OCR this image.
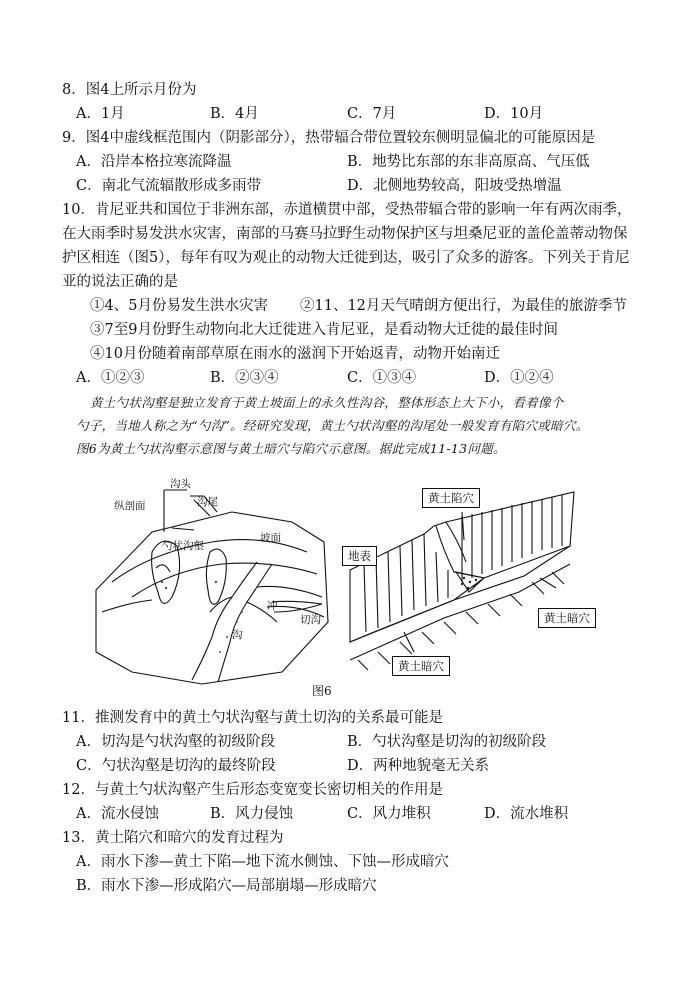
8．图4上所示月份为
A．1月	B．4月	C．7月	D．10月
9．图4中虚线框范围内（阴影部分），热带辐合带位置较东侧明显偏北的可能原因是
A．沿岸本格拉寒流降温	B．地势比东部的东非高原高、气压低
C．南北气流辐散形成多雨带	D．北侧地势较高，阳坡受热增温
10．肯尼亚共和国位于非洲东部，赤道横贯中部，受热带辐合带的影响一年有两次雨季，
在大雨季时易发洪水灾害，南部的马赛马拉野生动物保护区与坦桑尼亚的盖伦盖蒂动物保
护区相连（图5），每年有叹为观止的动物大迁徙到达，吸引了众多的游客。下列关于肯尼
亚的说法正确的是
①4、5月份易发生洪水灾害 ②11、12月天气晴朗方便出行，为最佳的旅游季节
③7至9月份野生动物向北大迁徙进入肯尼亚，是看动物大迁徙的最佳时间
④10月份随着南部草原在雨水的滋润下开始返青，动物开始南迁
A．①②③	B．②③④	C．①③④	D．①②④
黄土勺状沟壑是独立发育于黄土坡面上的永久性沟谷，整体形态上大下小，看着像个
勺子，当地人称之为“勺沟”。经研究发现，黄土勺状沟壑的沟尾处一般发育有陷穴或暗穴。
图6为黄土勺状沟壑示意图与黄土暗穴与陷穴示意图。据此完成11-13问题。
沟头
纵剖面	沟尾
勺状沟壑
坡面
冲
沟
切沟
黄土陷穴
地表
黄土暗穴
黄土暗穴
图6
11．推测发育中的黄土勺状沟壑与黄土切沟的关系最可能是
A．切沟是勺状沟壑的初级阶段	B．勺状沟壑是切沟的初级阶段
C．勺状沟壑是切沟的最终阶段	D．两种地貌毫无关系
12．与黄土勺状沟壑产生后形态变宽变长密切相关的作用是
A．流水侵蚀	B．风力侵蚀	C．风力堆积	D．流水堆积
13．黄土陷穴和暗穴的发育过程为
A．雨水下渗—黄土下陷—地下流水侧蚀、下蚀—形成暗穴
B．雨水下渗—形成陷穴—局部崩塌—形成暗穴
